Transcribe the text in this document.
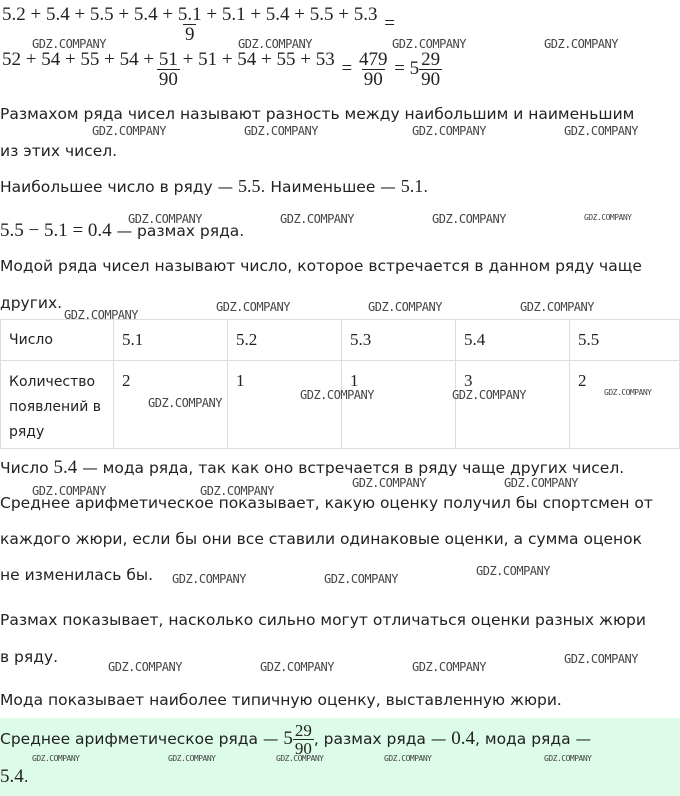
$\frac{5.2 + 5.4 + 5.5 + 5.4 + 5.1 + 5.1 + 5.4 + 5.5 + 5.3}{9}$ =
$\frac{52 + 54 + 55 + 54 + 51 + 51 + 54 + 55 + 53}{90} = \frac{479}{90} = 5 \frac{29}{90}$
Размахом ряда чисел называют разность между наибольшим и наименьшим
из этих чисел.
Наибольшее число в ряду — 5.5. Наименьшее — 5.1.
5.5 − 5.1 = 0.4 — размах ряда.
Модой ряда чисел называют число, которое встречается в данном ряду чаще
других.
Число	5.1	5.2	5.3	5.4	5.5

Количество
появлений в
ряду	2	1	1	3	2
Число 5.4 — мода ряда, так как оно встречается в ряду чаще других чисел.
Среднее арифметическое показывает, какую оценку получил бы спортсмен от
каждого жюри, если бы они все ставили одинаковые оценки, а сумма оценок
не изменилась бы.
Размах показывает, насколько сильно могут отличаться оценки разных жюри
в ряду.
Мода показывает наиболее типичную оценку, выставленную жюри.
Среднее арифметическое ряда — $5 \frac{29}{90}$ , размах ряда — 0.4, мода ряда —
5.4.
GDZ.COMPANY	GDZ.COMPANY	GDZ.COMPANY	GDZ.COMPANY
GDZ.COMPANY	GDZ.COMPANY	GDZ.COMPANY	GDZ.COMPANY
GDZ.COMPANY	GDZ.COMPANY	GDZ.COMPANY	GDZ.COMPANY
GDZ.COMPANY
GDZ.COMPANY	GDZ.COMPANY	GDZ.COMPANY
GDZ.COMPANY
GDZ.COMPANY	GDZ.COMPANY	GDZ.COMPANY
GDZ.COMPANY	GDZ.COMPANY
GDZ.COMPANY	GDZ.COMPANY
GDZ.COMPANY	GDZ.COMPANY
GDZ.COMPANY
GDZ.COMPANY	GDZ.COMPANY	GDZ.COMPANY
GDZ.COMPANY
GDZ.COMPANY	GDZ.COMPANY	GDZ.COMPANY	GDZ.COMPANY	GDZ.COMPANY
